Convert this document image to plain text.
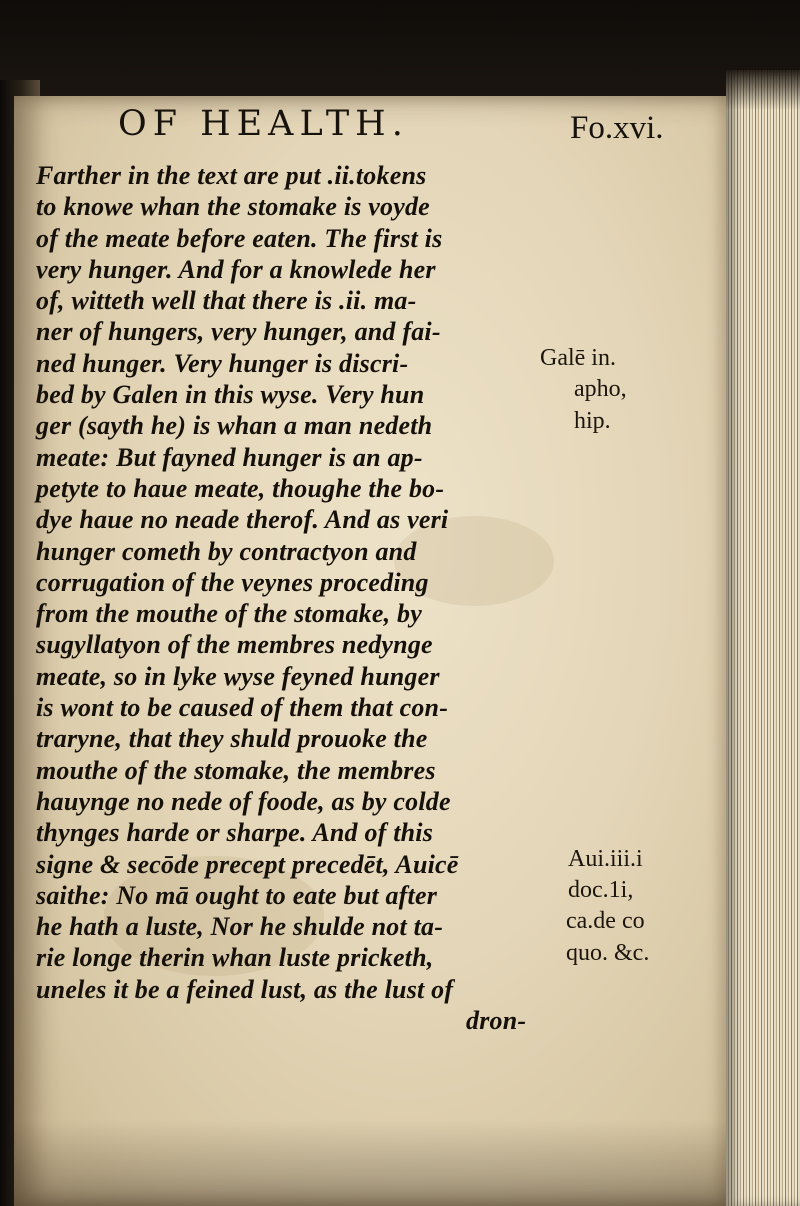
OF HEALTH.	Fo.xvi.
Farther in the text are put .ii.tokens
to knowe whan the stomake is voyde
of the meate before eaten. The first is
very hunger. And for a knowlede her
of, witteth well that there is .ii. ma-
ner of hungers, very hunger, and fai-
ned hunger. Very hunger is discri-
bed by Galen in this wyse. Very hun
ger (sayth he) is whan a man nedeth
meate: But fayned hunger is an ap-
petyte to haue meate, thoughe the bo-
dye haue no neade therof. And as veri
hunger cometh by contractyon and
corrugation of the veynes proceding
from the mouthe of the stomake, by
sugyllatyon of the membres nedynge
meate, so in lyke wyse feyned hunger
is wont to be caused of them that con-
traryne, that they shuld prouoke the
mouthe of the stomake, the membres
hauynge no nede of foode, as by colde
thynges harde or sharpe. And of this
signe & secōde precept precedēt, Auicē
saithe: No mā ought to eate but after
he hath a luste, Nor he shulde not ta-
rie longe therin whan luste pricketh,
uneles it be a feined lust, as the lust of
dron-
Galē in.
apho,
hip.
Aui.iii.i
doc.1i,
ca.de co
quo. &c.
